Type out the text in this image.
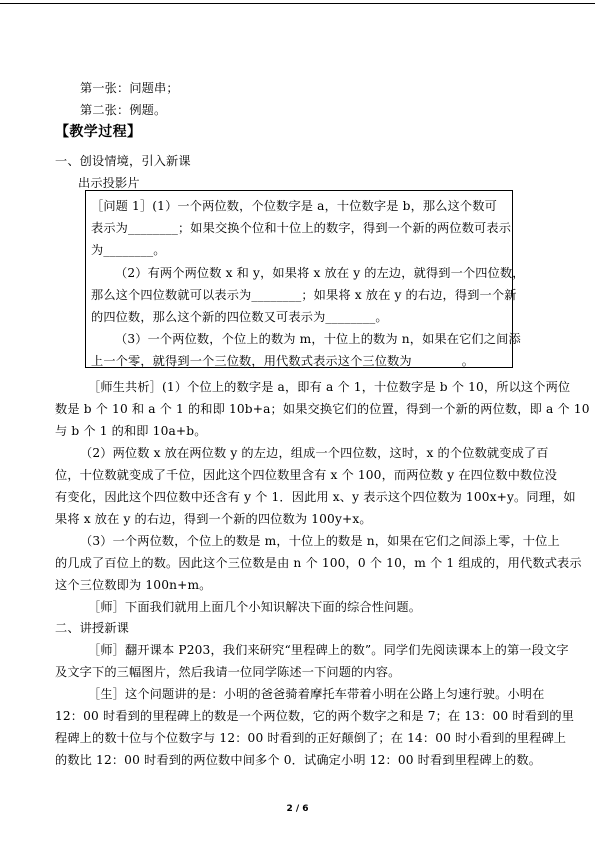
第一张：问题串；
第二张：例题。
【教学过程】
一、创设情境，引入新课
出示投影片
［问题 1］(1）一个两位数，个位数字是 a，十位数字是 b，那么这个数可
表示为________；如果交换个位和十位上的数字，得到一个新的两位数可表示
为________。
（2）有两个两位数 x 和 y，如果将 x 放在 y 的左边，就得到一个四位数，
那么这个四位数就可以表示为________；如果将 x 放在 y 的右边，得到一个新
的四位数，那么这个新的四位数又可表示为________。
（3）一个两位数，个位上的数为 m，十位上的数为 n，如果在它们之间添
上一个零，就得到一个三位数，用代数式表示这个三位数为________。
［师生共析］(1）个位上的数字是 a，即有 a 个 1，十位数字是 b 个 10，所以这个两位
数是 b 个 10 和 a 个 1 的和即 10b+a；如果交换它们的位置，得到一个新的两位数，即 a 个 10
与 b 个 1 的和即 10a+b。
（2）两位数 x 放在两位数 y 的左边，组成一个四位数，这时，x 的个位数就变成了百
位，十位数就变成了千位，因此这个四位数里含有 x 个 100，而两位数 y 在四位数中数位没
有变化，因此这个四位数中还含有 y 个 1．因此用 x、y 表示这个四位数为 100x+y。同理，如
果将 x 放在 y 的右边，得到一个新的四位数为 100y+x。
（3）一个两位数，个位上的数是 m，十位上的数是 n，如果在它们之间添上零，十位上
的几成了百位上的数。因此这个三位数是由 n 个 100，0 个 10，m 个 1 组成的，用代数式表示
这个三位数即为 100n+m。
［师］下面我们就用上面几个小知识解决下面的综合性问题。
二、讲授新课
［师］翻开课本 P203，我们来研究“里程碑上的数”。同学们先阅读课本上的第一段文字
及文字下的三幅图片，然后我请一位同学陈述一下问题的内容。
［生］这个问题讲的是：小明的爸爸骑着摩托车带着小明在公路上匀速行驶。小明在
12：00 时看到的里程碑上的数是一个两位数，它的两个数字之和是 7；在 13：00 时看到的里
程碑上的数十位与个位数字与 12：00 时看到的正好颠倒了；在 14：00 时小看到的里程碑上
的数比 12：00 时看到的两位数中间多个 0．试确定小明 12：00 时看到里程碑上的数。
2 / 6
